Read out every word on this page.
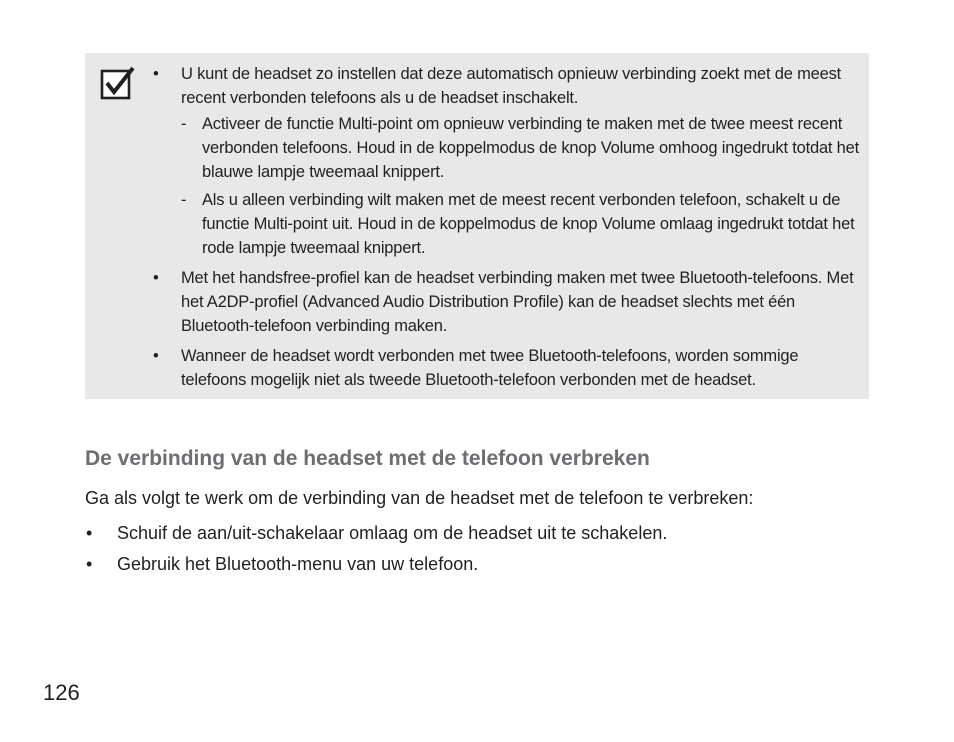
• U kunt de headset zo instellen dat deze automatisch opnieuw verbinding zoekt met de meest recent verbonden telefoons als u de headset inschakelt.
- Activeer de functie Multi-point om opnieuw verbinding te maken met de twee meest recent verbonden telefoons. Houd in de koppelmodus de knop Volume omhoog ingedrukt totdat het blauwe lampje tweemaal knippert.
- Als u alleen verbinding wilt maken met de meest recent verbonden telefoon, schakelt u de functie Multi-point uit. Houd in de koppelmodus de knop Volume omlaag ingedrukt totdat het rode lampje tweemaal knippert.
• Met het handsfree-profiel kan de headset verbinding maken met twee Bluetooth-telefoons. Met het A2DP-profiel (Advanced Audio Distribution Profile) kan de headset slechts met één Bluetooth-telefoon verbinding maken.
• Wanneer de headset wordt verbonden met twee Bluetooth-telefoons, worden sommige telefoons mogelijk niet als tweede Bluetooth-telefoon verbonden met de headset.
De verbinding van de headset met de telefoon verbreken

Ga als volgt te werk om de verbinding van de headset met de telefoon te verbreken:

• Schuif de aan/uit-schakelaar omlaag om de headset uit te schakelen.
• Gebruik het Bluetooth-menu van uw telefoon.
126
